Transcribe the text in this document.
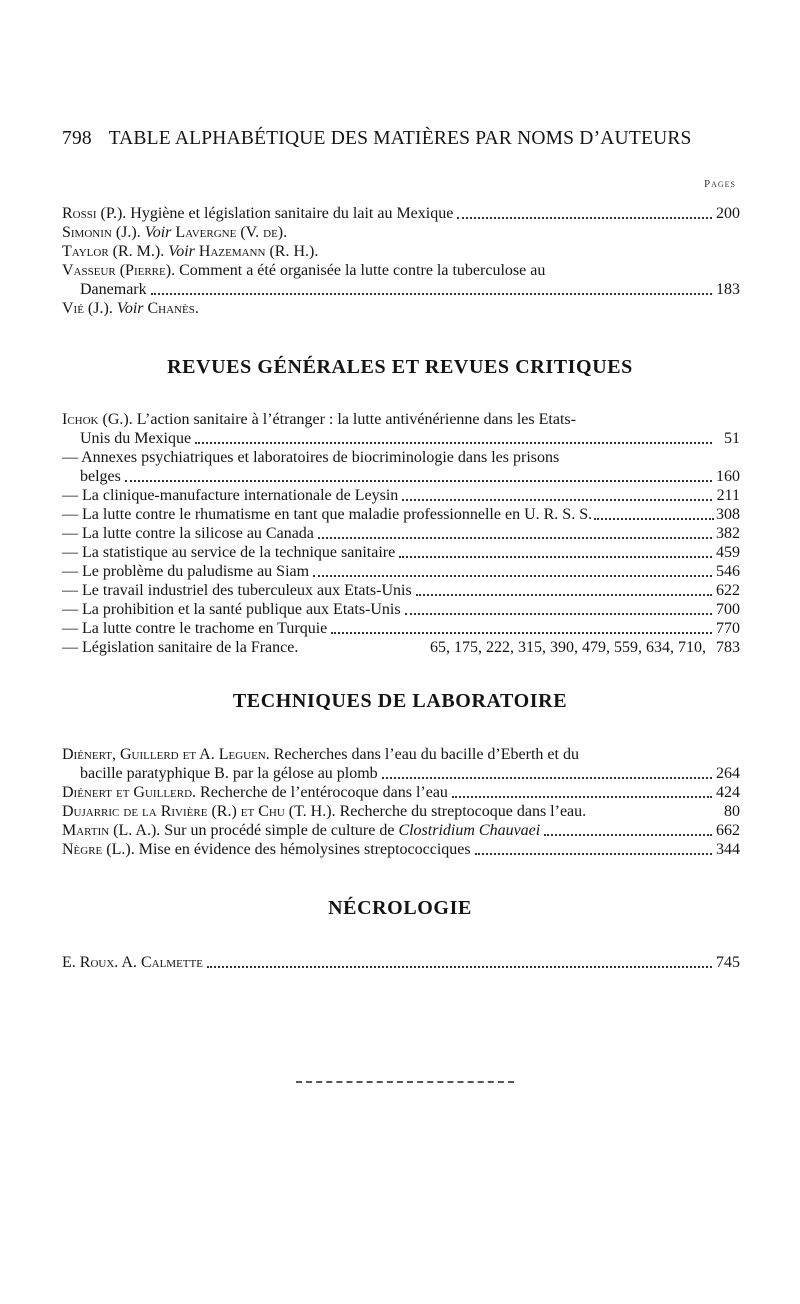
798 TABLE ALPHABÉTIQUE DES MATIÈRES PAR NOMS D’AUTEURS
Pages
Rossi (P.). Hygiène et législation sanitaire du lait au Mexique	200
Simonin (J.). Voir Lavergne (V. de).
Taylor (R. M.). Voir Hazemann (R. H.).
Vasseur (Pierre). Comment a été organisée la lutte contre la tuberculose au
Danemark	183
Vié (J.). Voir Chanès.
REVUES GÉNÉRALES ET REVUES CRITIQUES
Ichok (G.). L’action sanitaire à l’étranger : la lutte antivénérienne dans les Etats-
Unis du Mexique	51
— Annexes psychiatriques et laboratoires de biocriminologie dans les prisons
belges	160
— La clinique-manufacture internationale de Leysin	211
— La lutte contre le rhumatisme en tant que maladie professionnelle en U. R. S. S.	308
— La lutte contre la silicose au Canada	382
— La statistique au service de la technique sanitaire	459
— Le problème du paludisme au Siam	546
— Le travail industriel des tuberculeux aux Etats-Unis	622
— La prohibition et la santé publique aux Etats-Unis	700
— La lutte contre le trachome en Turquie	770
— Législation sanitaire de la France.	65, 175, 222, 315, 390, 479, 559, 634, 710, 783
TECHNIQUES DE LABORATOIRE
Diénert, Guillerd et A. Leguen. Recherches dans l’eau du bacille d’Eberth et du
bacille paratyphique B. par la gélose au plomb	264
Diénert et Guillerd. Recherche de l’entérocoque dans l’eau	424
Dujarric de la Rivière (R.) et Chu (T. H.). Recherche du streptocoque dans l’eau.	80
Martin (L. A.). Sur un procédé simple de culture de Clostridium Chauvaei	662
Nègre (L.). Mise en évidence des hémolysines streptococciques	344
NÉCROLOGIE
E. Roux. A. Calmette	745
